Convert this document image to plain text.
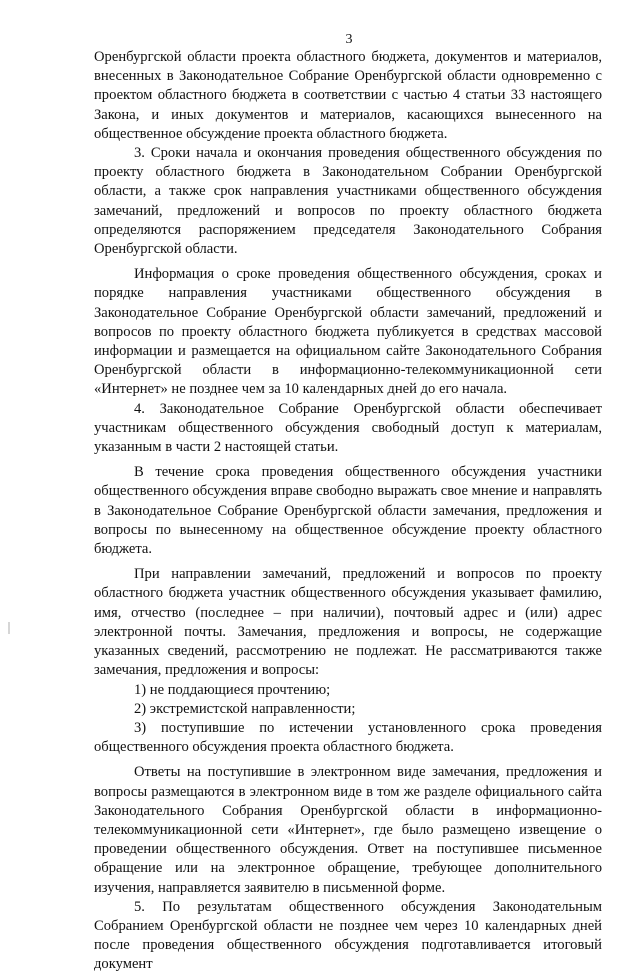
3

Оренбургской области проекта областного бюджета, документов и материалов, внесенных в Законодательное Собрание Оренбургской области одновременно с проектом областного бюджета в соответствии с частью 4 статьи 33 настоящего Закона, и иных документов и материалов, касающихся вынесенного на общественное обсуждение проекта областного бюджета.

3. Сроки начала и окончания проведения общественного обсуждения по проекту областного бюджета в Законодательном Собрании Оренбургской области, а также срок направления участниками общественного обсуждения замечаний, предложений и вопросов по проекту областного бюджета определяются распоряжением председателя Законодательного Собрания Оренбургской области.

Информация о сроке проведения общественного обсуждения, сроках и порядке направления участниками общественного обсуждения в Законодательное Собрание Оренбургской области замечаний, предложений и вопросов по проекту областного бюджета публикуется в средствах массовой информации и размещается на официальном сайте Законодательного Собрания Оренбургской области в информационно-телекоммуникационной сети «Интернет» не позднее чем за 10 календарных дней до его начала.

4. Законодательное Собрание Оренбургской области обеспечивает участникам общественного обсуждения свободный доступ к материалам, указанным в части 2 настоящей статьи.

В течение срока проведения общественного обсуждения участники общественного обсуждения вправе свободно выражать свое мнение и направлять в Законодательное Собрание Оренбургской области замечания, предложения и вопросы по вынесенному на общественное обсуждение проекту областного бюджета.

При направлении замечаний, предложений и вопросов по проекту областного бюджета участник общественного обсуждения указывает фамилию, имя, отчество (последнее – при наличии), почтовый адрес и (или) адрес электронной почты. Замечания, предложения и вопросы, не содержащие указанных сведений, рассмотрению не подлежат. Не рассматриваются также замечания, предложения и вопросы:

1) не поддающиеся прочтению;

2) экстремистской направленности;

3) поступившие по истечении установленного срока проведения общественного обсуждения проекта областного бюджета.

Ответы на поступившие в электронном виде замечания, предложения и вопросы размещаются в электронном виде в том же разделе официального сайта Законодательного Собрания Оренбургской области в информационно-телекоммуникационной сети «Интернет», где было размещено извещение о проведении общественного обсуждения. Ответ на поступившее письменное обращение или на электронное обращение, требующее дополнительного изучения, направляется заявителю в письменной форме.

5. По результатам общественного обсуждения Законодательным Собранием Оренбургской области не позднее чем через 10 календарных дней после проведения общественного обсуждения подготавливается итоговый документ
